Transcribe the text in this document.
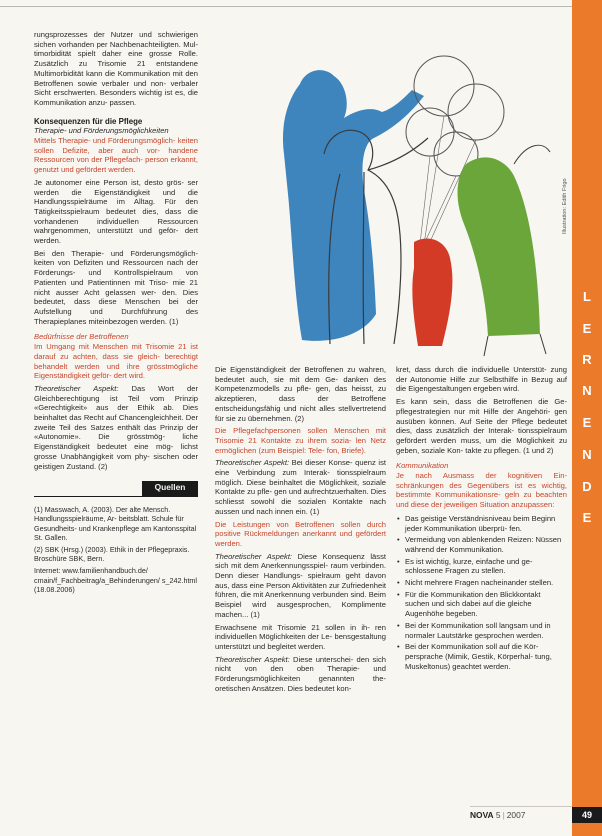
rungsprozesses der Nutzer und schwierigen sichen vorhanden per Nachbenachteiligten. Mul- timorbidität spielt daher eine grosse Rolle. Zusätzlich zu Trisomie 21 entstandene Multimorbidität kann die Kommunikation mit den Betroffenen sowie verbaler und non- verbaler Sicht erschwerten. Besonders wichtig ist es, die Kommunikation anzu- passen.

Konsequenzen für die Pflege

Therapie- und Förderungsmöglichkeiten

Mittels Therapie- und Förderungsmöglich- keiten sollen Defizite, aber auch vor- handene Ressourcen von der Pflegefach- person erkannt, genutzt und gefördert werden.

Je autonomer eine Person ist, desto grös- ser werden die Eigenständigkeit und die Handlungsspielräume im Alltag. Für den Tätigkeitsspielraum bedeutet dies, dass die vorhandenen individuellen Ressourcen wahrgenommen, unterstützt und geför- dert werden.

Bei den Therapie- und Förderungsmöglich- keiten von Defiziten und Ressourcen nach der Förderungs- und Kontrollspielraum von Patienten und Patientinnen mit Triso- mie 21 nicht ausser Acht gelassen wer- den. Dies bedeutet, dass diese Menschen bei der Aufstellung und Durchführung des Therapieplanes miteinbezogen werden. (1)

Bedürfnisse der Betroffenen

Im Umgang mit Menschen mit Trisomie 21 ist darauf zu achten, dass sie gleich- berechtigt behandelt werden und ihre grösstmögliche Eigenständigkeit geför- dert wird.

Theoretischer Aspekt: Das Wort der Gleichberechtigung ist Teil vom Prinzip «Gerechtigkeit» aus der Ethik ab. Dies beinhaltet das Recht auf Chancengleichheit. Der zweite Teil des Satzes enthält das Prinzip der «Autonomie». Die grösstmög- liche Eigenständigkeit bedeutet eine mög- lichst grosse Unabhängigkeit vom phy- sischen oder geistigen Zustand. (2)

Quellen

(1) Masswach, A. (2003). Der alte Mensch. Handlungsspielräume, Ar- beitsblatt. Schule für Gesundheits- und Krankenpflege am Kantonsspital St. Gallen.

(2) SBK (Hrsg.) (2003). Ethik in der Pflegepraxis. Broschüre SBK, Bern.

Internet: www.familienhandbuch.de/ cmain/f_Fachbeitrag/a_Behinderungen/ s_242.html (18.08.2006)

Illustration: Edith Frigo

Die Eigenständigkeit der Betroffenen zu wahren, bedeutet auch, sie mit dem Ge- danken des Kompetenzmodells zu pfle- gen, das heisst, zu akzeptieren, dass der Betroffene entscheidungsfähig und nicht alles stellvertretend für sie zu übernehmen. (2)

Die Pflegefachpersonen sollen Menschen mit Trisomie 21 Kontakte zu ihrem sozia- len Netz ermöglichen (zum Beispiel: Tele- fon, Briefe).

Theoretischer Aspekt: Bei dieser Konse- quenz ist eine Verbindung zum Interak- tionsspielraum möglich. Diese beinhaltet die Möglichkeit, soziale Kontakte zu pfle- gen und aufrechtzuerhalten. Dies schliesst sowohl die sozialen Kontakte nach aussen und nach innen ein. (1)

Die Leistungen von Betroffenen sollen durch positive Rückmeldungen anerkannt und gefördert werden.

Theoretischer Aspekt: Diese Konsequenz lässt sich mit dem Anerkennungsspiel- raum verbinden. Denn dieser Handlungs- spielraum geht davon aus, dass eine Person Aktivitäten zur Zufriedenheit führen, die mit Anerkennung verbunden sind. Beim Beispiel wird ausgesprochen, Komplimente machen... (1)

Erwachsene mit Trisomie 21 sollen in ih- ren individuellen Möglichkeiten der Le- bensgestaltung unterstützt und begleitet werden.

Theoretischer Aspekt: Diese unterschei- den sich nicht von den oben Therapie- und Förderungsmöglichkeiten genannten the- oretischen Ansätzen. Dies bedeutet kon-

kret, dass durch die individuelle Unterstüt- zung der Autonomie Hilfe zur Selbsthilfe in Bezug auf die Eigengestaltungen ergeben wird.

Es kann sein, dass die Betroffenen die Ge- pflegestrategien nur mit Hilfe der Angehöri- gen ausüben können. Auf Seite der Pflege bedeutet dies, dass zusätzlich der Interak- tionsspielraum gefördert werden muss, um die Möglichkeit zu geben, soziale Kon- takte zu pflegen. (1 und 2)

Kommunikation

Je nach Ausmass der kognitiven Ein- schränkungen des Gegenübers ist es wichtig, bestimmte Kommunikationsre- geln zu beachten und diese der jeweiligen Situation anzupassen:

• Das geistige Verständnisniveau beim Beginn jeder Kommunikation überprü- fen.
• Vermeidung von ablenkenden Reizen: Nüssen während der Kommunikation.
• Es ist wichtig, kurze, einfache und ge- schlossene Fragen zu stellen.
• Nicht mehrere Fragen nacheinander stellen.
• Für die Kommunikation den Blickkontakt suchen und sich dabei auf die gleiche Augenhöhe begeben.
• Bei der Kommunikation soll langsam und in normaler Lautstärke gesprochen werden.
• Bei der Kommunikation soll auf die Kör- persprache (Mimik, Gestik, Körperhal- tung, Muskeltonus) geachtet werden.
L
E
R
N
E
N
D
E
NOVA 5 | 2007	49
